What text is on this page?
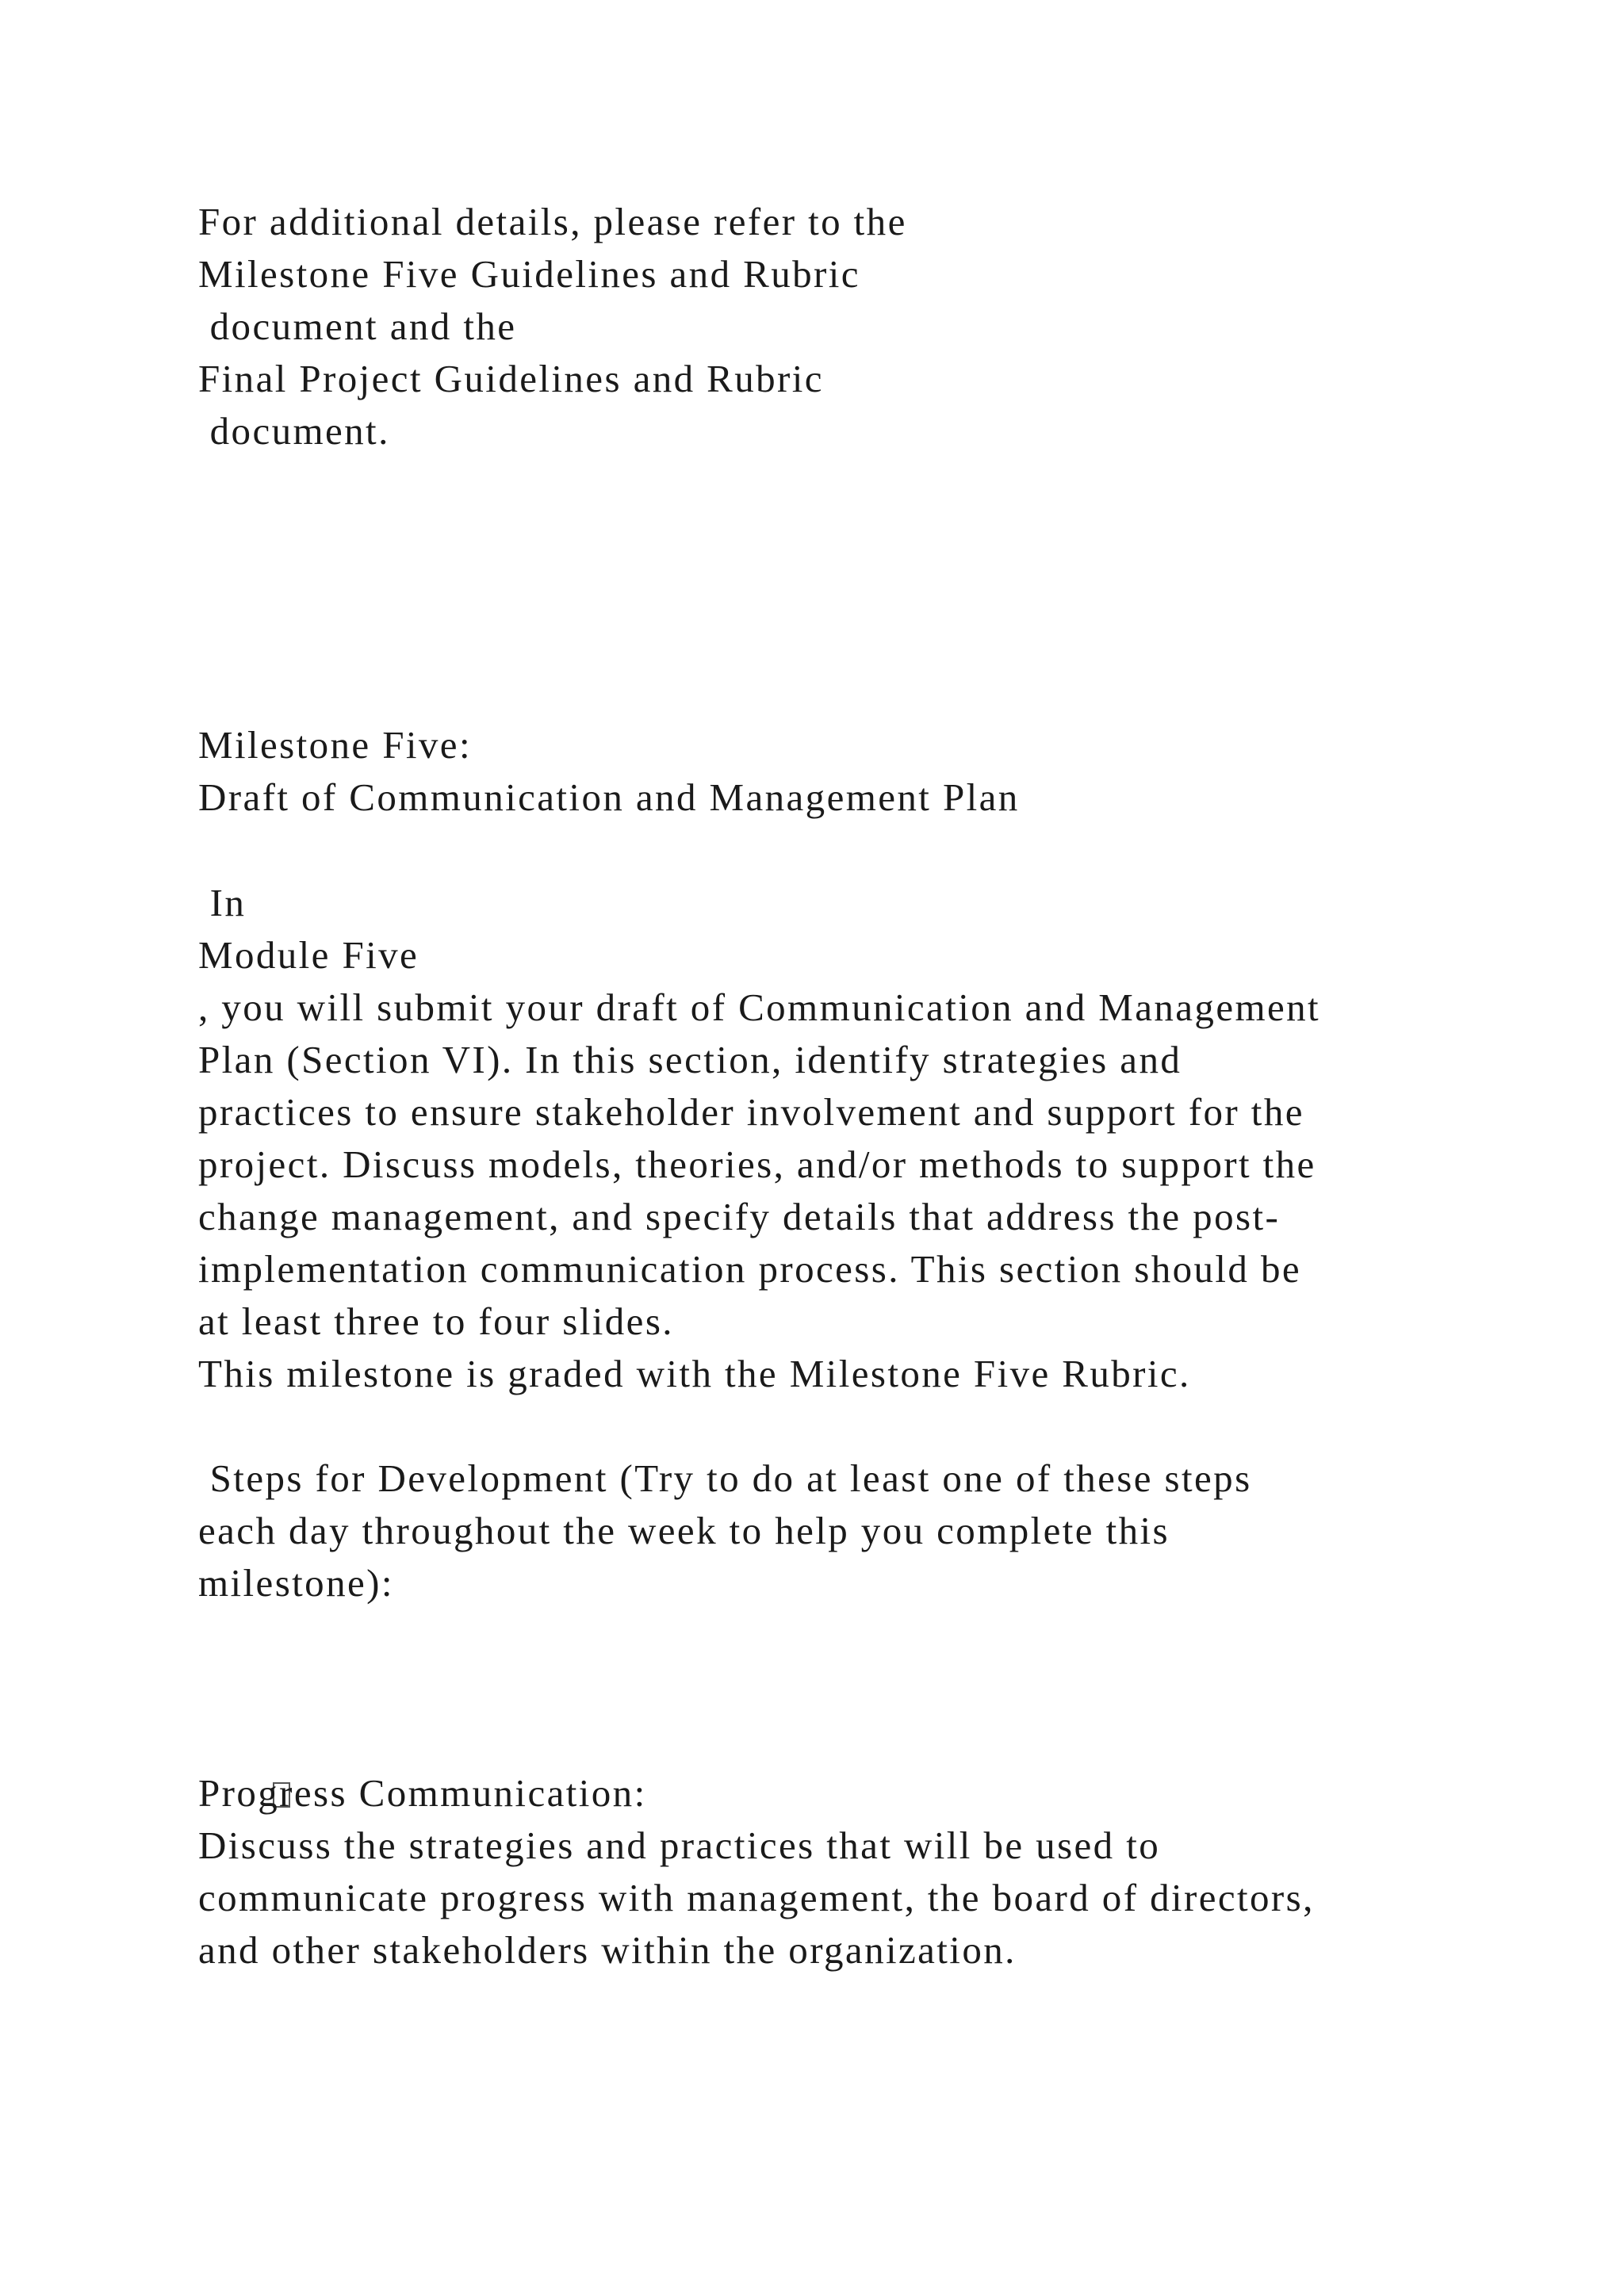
For additional details, please refer to the
Milestone Five Guidelines and Rubric
document and the
Final Project Guidelines and Rubric
document.
Milestone Five:
Draft of Communication and Management Plan
In
Module Five
, you will submit your draft of Communication and Management
Plan (Section VI). In this section, identify strategies and
practices to ensure stakeholder involvement and support for the
project. Discuss models, theories, and/or methods to support the
change management, and specify details that address the post-
implementation communication process. This section should be
at least three to four slides.
This milestone is graded with the Milestone Five Rubric.
Steps for Development (Try to do at least one of these steps
each day throughout the week to help you complete this
milestone):

Progress Communication:
Discuss the strategies and practices that will be used to
communicate progress with management, the board of directors,
and other stakeholders within the organization.
